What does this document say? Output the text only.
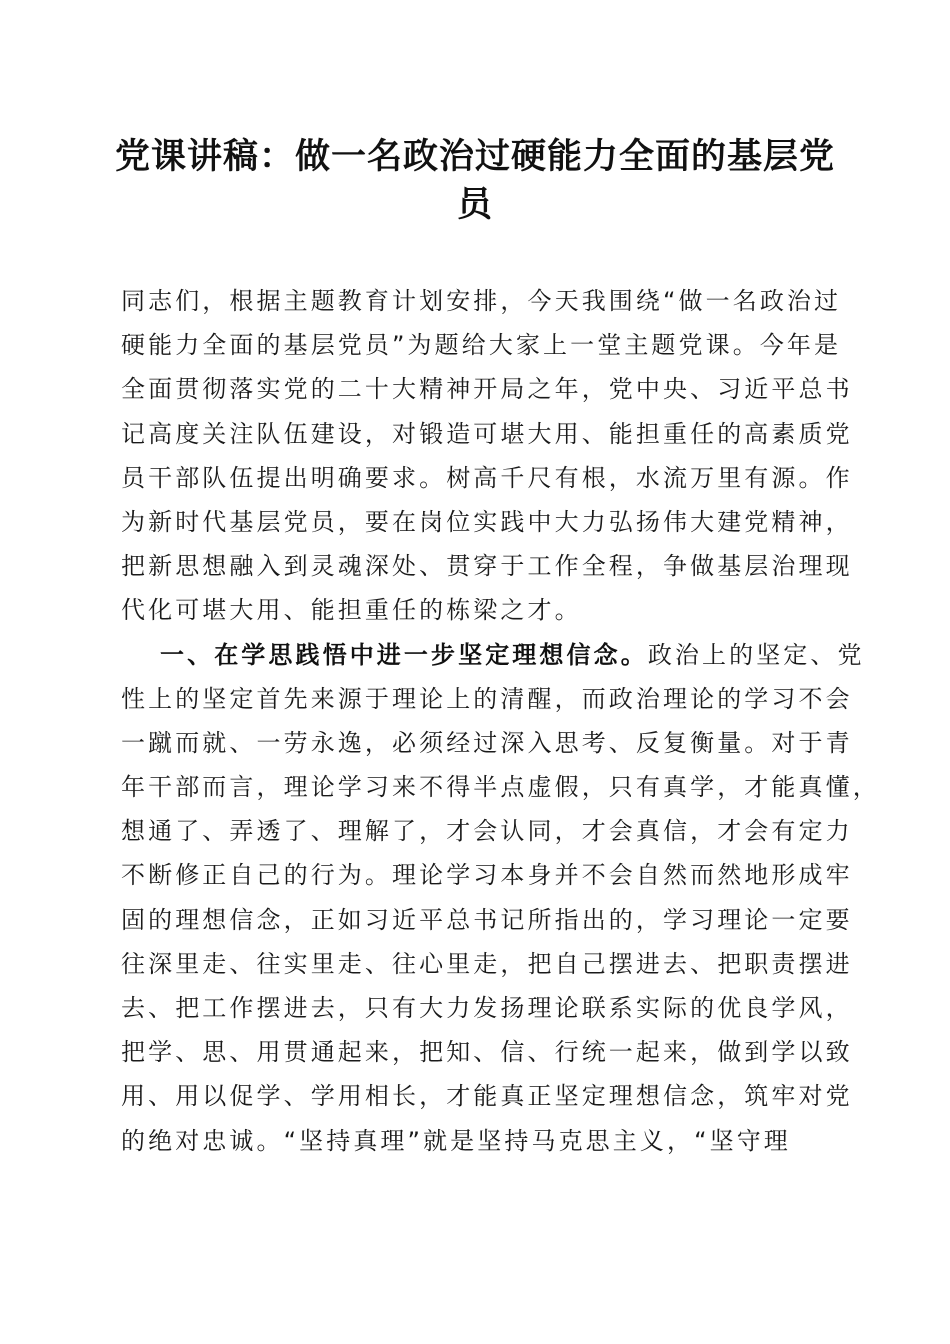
党课讲稿：做一名政治过硬能力全面的基层党
员
同志们，根据主题教育计划安排，今天我围绕“做一名政治过
硬能力全面的基层党员”为题给大家上一堂主题党课。今年是
全面贯彻落实党的二十大精神开局之年，党中央、习近平总书
记高度关注队伍建设，对锻造可堪大用、能担重任的高素质党
员干部队伍提出明确要求。树高千尺有根，水流万里有源。作
为新时代基层党员，要在岗位实践中大力弘扬伟大建党精神，
把新思想融入到灵魂深处、贯穿于工作全程，争做基层治理现
代化可堪大用、能担重任的栋梁之才。
一、在学思践悟中进一步坚定理想信念。政治上的坚定、党
性上的坚定首先来源于理论上的清醒，而政治理论的学习不会
一蹴而就、一劳永逸，必须经过深入思考、反复衡量。对于青
年干部而言，理论学习来不得半点虚假，只有真学，才能真懂，
想通了、弄透了、理解了，才会认同，才会真信，才会有定力
不断修正自己的行为。理论学习本身并不会自然而然地形成牢
固的理想信念，正如习近平总书记所指出的，学习理论一定要
往深里走、往实里走、往心里走，把自己摆进去、把职责摆进
去、把工作摆进去，只有大力发扬理论联系实际的优良学风，
把学、思、用贯通起来，把知、信、行统一起来，做到学以致
用、用以促学、学用相长，才能真正坚定理想信念，筑牢对党
的绝对忠诚。“坚持真理”就是坚持马克思主义，“坚守理
